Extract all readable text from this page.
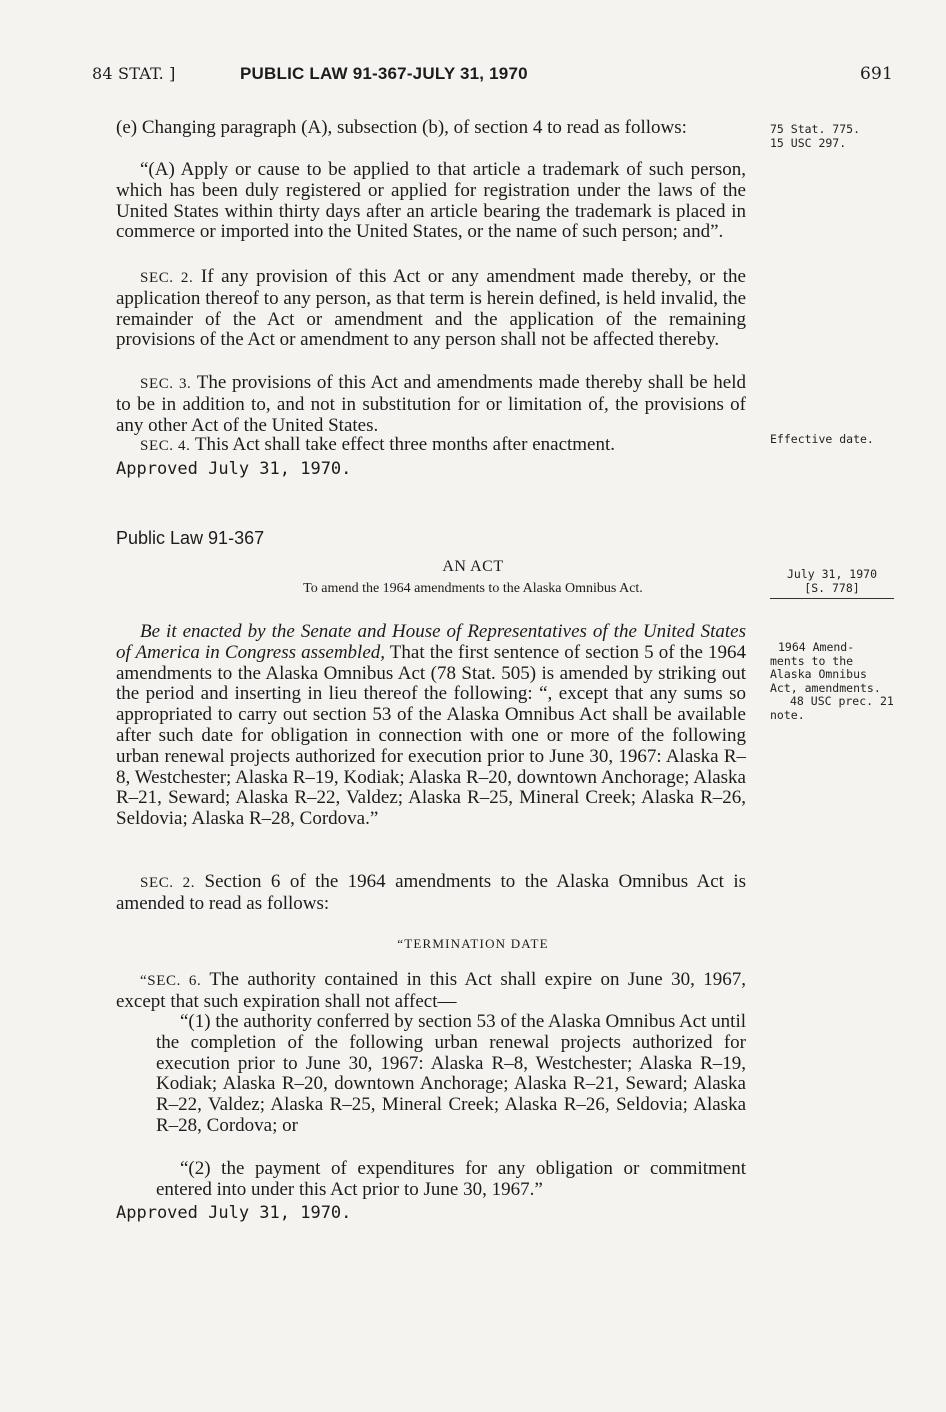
84 STAT. ]	PUBLIC LAW 91-367-JULY 31, 1970	691
(e) Changing paragraph (A), subsection (b), of section 4 to read as follows:
“(A) Apply or cause to be applied to that article a trademark of such person, which has been duly registered or applied for registration under the laws of the United States within thirty days after an article bearing the trademark is placed in commerce or imported into the United States, or the name of such person; and”.
SEC. 2. If any provision of this Act or any amendment made thereby, or the application thereof to any person, as that term is herein defined, is held invalid, the remainder of the Act or amendment and the application of the remaining provisions of the Act or amendment to any person shall not be affected thereby.
SEC. 3. The provisions of this Act and amendments made thereby shall be held to be in addition to, and not in substitution for or limitation of, the provisions of any other Act of the United States.
SEC. 4. This Act shall take effect three months after enactment.
Approved July 31, 1970.
Public Law 91-367
AN ACT
To amend the 1964 amendments to the Alaska Omnibus Act.
Be it enacted by the Senate and House of Representatives of the United States of America in Congress assembled, That the first sentence of section 5 of the 1964 amendments to the Alaska Omnibus Act (78 Stat. 505) is amended by striking out the period and inserting in lieu thereof the following: “, except that any sums so appropriated to carry out section 53 of the Alaska Omnibus Act shall be available after such date for obligation in connection with one or more of the following urban renewal projects authorized for execution prior to June 30, 1967: Alaska R–8, Westchester; Alaska R–19, Kodiak; Alaska R–20, downtown Anchorage; Alaska R–21, Seward; Alaska R–22, Valdez; Alaska R–25, Mineral Creek; Alaska R–26, Seldovia; Alaska R–28, Cordova.”
SEC. 2. Section 6 of the 1964 amendments to the Alaska Omnibus Act is amended to read as follows:
“TERMINATION DATE
“SEC. 6. The authority contained in this Act shall expire on June 30, 1967, except that such expiration shall not affect—
“(1) the authority conferred by section 53 of the Alaska Omnibus Act until the completion of the following urban renewal projects authorized for execution prior to June 30, 1967: Alaska R–8, Westchester; Alaska R–19, Kodiak; Alaska R–20, downtown Anchorage; Alaska R–21, Seward; Alaska R–22, Valdez; Alaska R–25, Mineral Creek; Alaska R–26, Seldovia; Alaska R–28, Cordova; or
“(2) the payment of expenditures for any obligation or commitment entered into under this Act prior to June 30, 1967.”
Approved July 31, 1970.
75 Stat. 775.
15 USC 297.
Effective date.
July 31, 1970
[S. 778]
1964 Amend-
ments to the
Alaska Omnibus
Act, amendments.
48 USC prec. 21
note.
